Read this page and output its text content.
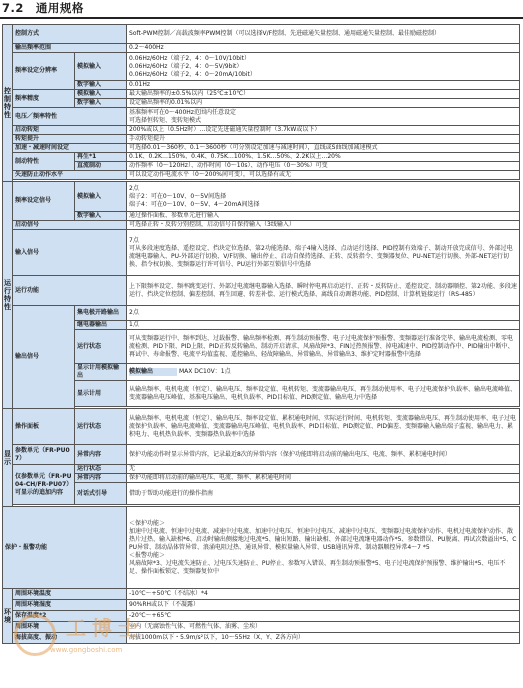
7.2　通用规格
控制特性	控制方式		Soft-PWM控制／高载波频率PWM控制（可以选择V/F控制、先进磁通矢量控制、通用磁通矢量控制、最佳励磁控制）
	输出频率范围		0.2～400Hz
	频率设定分辨率	模拟输入	0.06Hz/60Hz（端子2、4：0～10V/10bit）
0.06Hz/60Hz（端子2、4：0～5V/9bit）
0.06Hz/60Hz（端子2、4：0～20mA/10bit）
		数字输入	0.01Hz
	频率精度	模拟输入	最大输出频率的±0.5%以内（25℃±10℃）
		数字输入	设定输出频率的0.01%以内
	电压／频率特性		基准频率可在0～400Hz范围内任意设定
可选择恒转矩、变转矩模式
	启动转矩		200%或以上（0.5Hz时）…设定先进磁通矢量控制时（3.7kW或以下）
	转矩提升		手动转矩提升
	加速・减速时间设定		可选择0.01～360秒、0.1～3600秒（可分别设定加速与减速时间），直线或S曲线加减速模式
	制动特性	再生*1	0.1K、0.2K…150%、0.4K、0.75K…100%、1.5K…50%、2.2K以上…20%
		直流制动	动作频率（0～120Hz）、动作时间（0～10s）、动作电压（0～30%）可变
	失速防止动作水平		可以设定动作电流水平（0～200%间可变），可以选择有或无

运行特性	频率设定信号	模拟输入	2点
端子2：可在0～10V、0～5V间选择
端子4：可在0～10V、0～5V、4～20mA间选择
		数字输入	通过操作面板、参数单元进行输入
	启动信号		可选择正转・反转分别控制，启动信号自保持输入（3线输入）
	输入信号		7点
可从多段速度选择、遥控设定、挡块定位选择、第2功能选择、端子4输入选择、点动运行选择、PID控制有效端子、制动开放完成信号、外部过电流继电器输入、PU-外部运行切换、V/F切换、输出停止、启动自保持选择、正转、反转指令、变频器复位、PU-NET运行切换、外部-NET运行切换、指令权切换、变频器运行许可信号、PU运行外部互锁信号中选择
	运行功能		上下限频率设定、频率跳变运行、外部过电流继电器输入选择、瞬时停电再启动运行、正转・反转防止、遥控设定、制动器顺控、第2功能、多段速运行、挡块定位控制、偏差控制、再生回避、转差补偿、运行模式选择、离线自动调谐功能、PID控制、计算机链接运行（RS-485）
	输出信号	集电极开路输出	2点
		继电器输出	1点
		运行状态	可从变频器运行中、频率到达、过载报警、输出频率检测、再生制动预报警、电子过电流保护预报警、变频器运行准备完毕、输出电流检测、零电流检测、PID下限、PID上限、PID正转反转输出、制动开启请求、风扇故障*3、FIN过热预报警、掉电减速中、PID控制动作中、PID输出中断中、再试中、寿命报警、电流平均值监视、遥控输出、轻故障输出、异常输出、异常输出3、维护定时器报警中选择
		显示计用模拟输出	模拟输出 MAX DC10V：1点
		显示计用	从输出频率、电机电流（恒定）、输出电压、频率设定值、电机转矩、变流器输出电压、再生制动使用率、电子过电流保护负载率、输出电流峰值、变流器输出电压峰值、基准电压输出、电机负载率、PID目标值、PID测定值、输出电力中选择

显示	操作面板	运行状态	从输出频率、电机电流（恒定）、输出电压、频率设定值、累积通电时间、实际运行时间、电机转矩、变流器输出电压、再生制动使用率、电子过电流保护负载率、输出电流峰值、变流器输出电压峰值、电机负载率、PID目标值、PID测定值、PID偏差、变频器输入输出端子监视、输出电力、累积电力、电机热负载率、变频器热负载率中选择
	参数单元（FR-PU07）	异常内容	保护功能动作时显示异常内容，记录最近8次的异常内容（保护功能即将启动前的输出电压、电流、频率、累积通电时间）
	仅参数单元（FR-PU04-CH/FR-PU07）可显示的追加内容	运行状态	无
		异常内容	保护功能即将启动前的输出电压、电流、频率、累积通电时间
		对话式引导	借助于帮助功能进行的操作指南

保护・报警功能			＜保护功能＞
加速中过电流、恒速中过电流、减速中过电流、加速中过电压、恒速中过电压、减速中过电压、变频器过电流保护动作、电机过电流保护动作、散热片过热、输入缺相*6、启动时输出侧接地过电流*5、输出短路、输出缺相、外部过电流继电器动作*5、参数错误、PU脱离、再试次数溢出*5、CPU异常、制动晶体管异常、浪涌电阻过热、通讯异常、模拟量输入异常、USB通讯异常、制动器顺控异常4～7 *5
＜报警功能＞
风扇故障*3、过电流失速防止、过电压失速防止、PU停止、参数写入错误、再生制动预报警*5、电子过电流保护预报警、维护输出*5、电压不足、操作面板锁定、变频器复位中
环境	周围环境温度		-10℃～+50℃（不结冰）*4
	周围环境湿度		90%RH或以下（不凝露）
	保存温度*2		-20℃～+65℃
	周围环境		室内（无腐蚀性气体、可燃性气体、油雾、尘埃）
	海拔高度、振动		海拔1000m以下・5.9m/s²以下，10～55Hz（X、Y、Z各方向）
工博士
www.gongboshi.com
